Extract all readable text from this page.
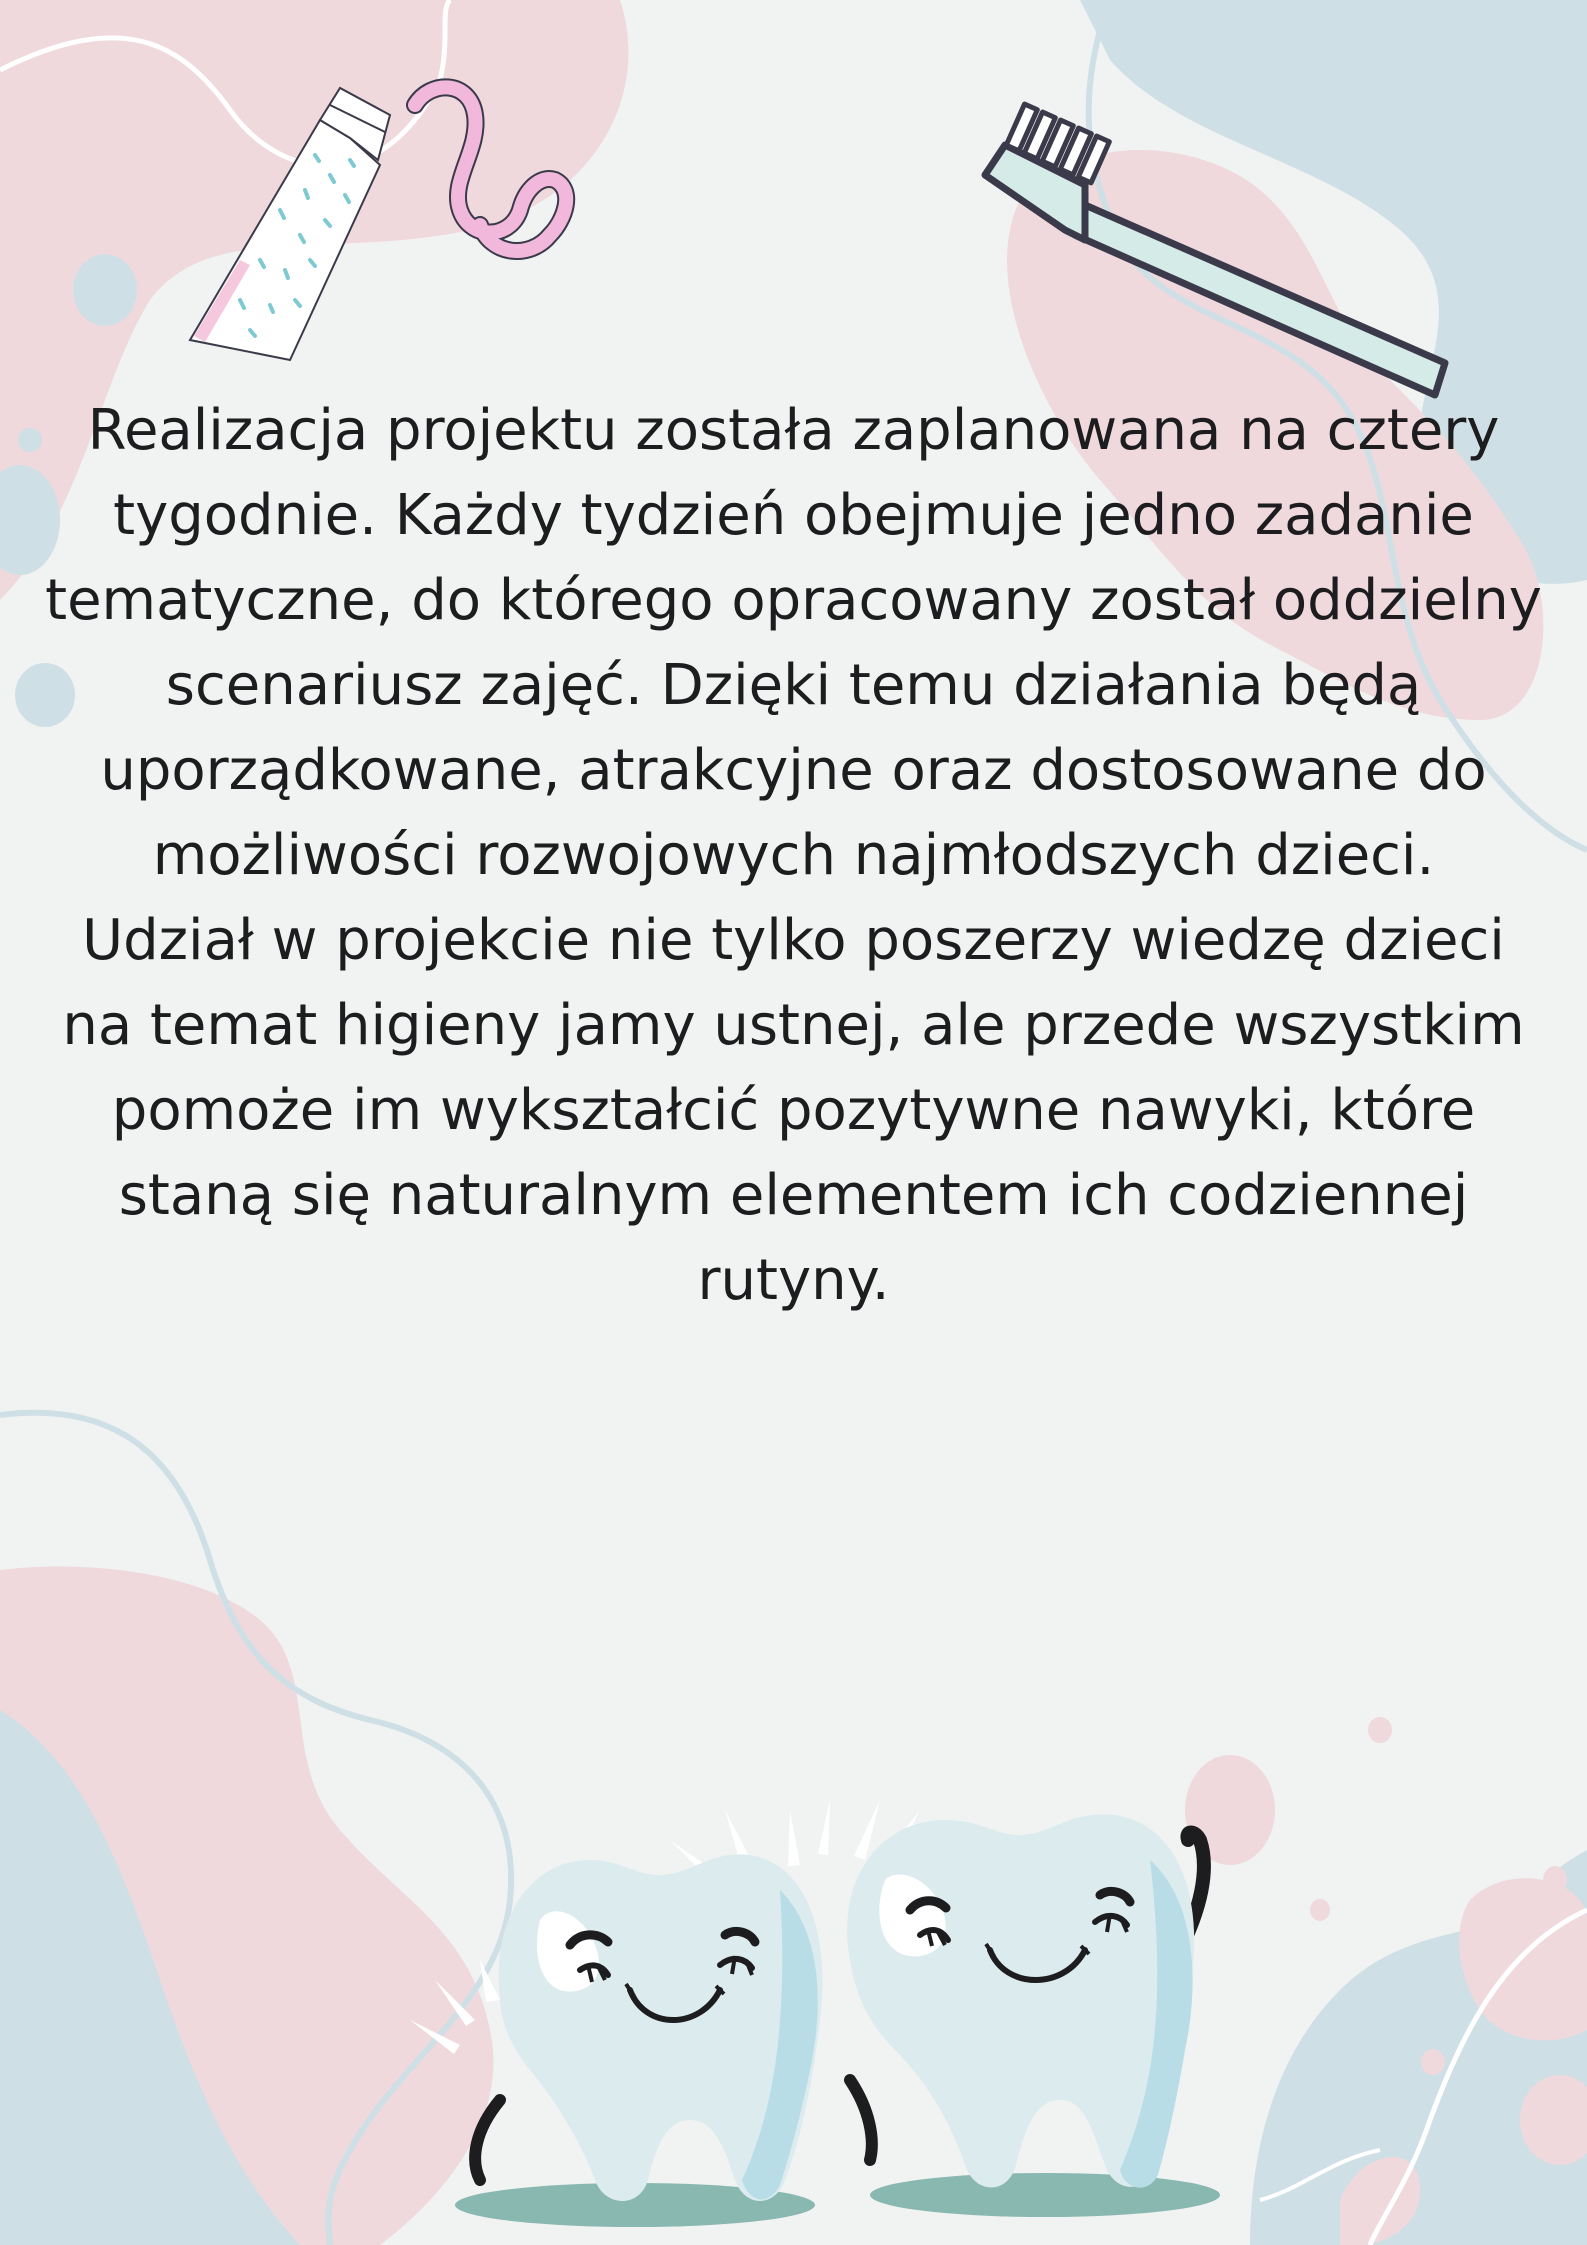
Realizacja projektu została zaplanowana na cztery tygodnie. Każdy tydzień obejmuje jedno zadanie tematyczne, do którego opracowany został oddzielny scenariusz zajęć. Dzięki temu działania będą uporządkowane, atrakcyjne oraz dostosowane do możliwości rozwojowych najmłodszych dzieci.

Udział w projekcie nie tylko poszerzy wiedzę dzieci na temat higieny jamy ustnej, ale przede wszystkim pomoże im wykształcić pozytywne nawyki, które staną się naturalnym elementem ich codziennej rutyny.
